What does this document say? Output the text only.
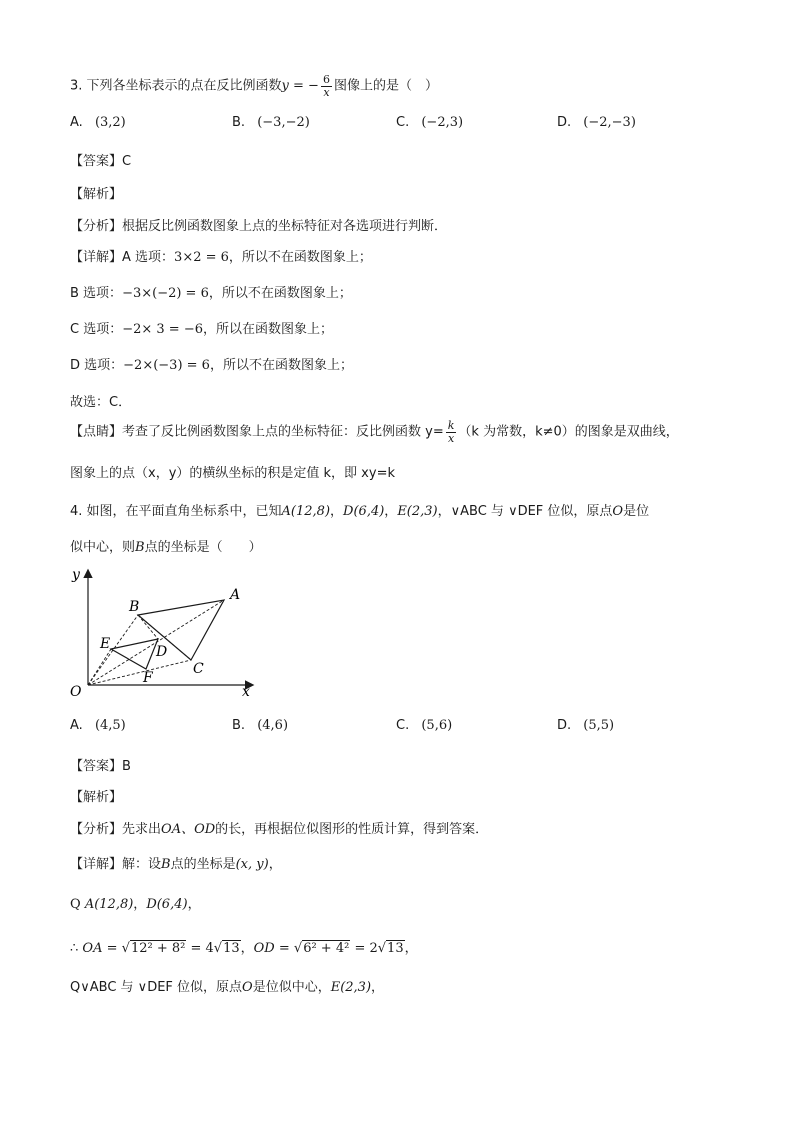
3. 下列各坐标表示的点在反比例函数y = − $\frac{6}{x}$ 图像上的是（　）
A. (3,2)	B. (−3,−2)	C. (−2,3)	D. (−2,−3)
【答案】C
【解析】
【分析】根据反比例函数图象上点的坐标特征对各选项进行判断．
【详解】A 选项：3×2 = 6，所以不在函数图象上；
B 选项：−3×(−2) = 6，所以不在函数图象上；
C 选项：−2× 3 = −6，所以在函数图象上；
D 选项：−2×(−3) = 6，所以不在函数图象上；
故选：C．
【点睛】考查了反比例函数图象上点的坐标特征：反比例函数 $y= \frac{k}{x} (k$ 为常数，k≠0）的图象是双曲线，
图象上的点（x，y）的横纵坐标的积是定值 k，即 xy=k
4. 如图，在平面直角坐标系中，已知A(12,8)，D(6,4)，E(2,3)，∨ABC 与 ∨DEF 位似，原点O是位
似中心，则B点的坐标是（　　）
y
x
O
A
B
C
D
E
F
A. (4,5)	B. (4,6)	C. (5,6)	D. (5,5)
【答案】B
【解析】
【分析】先求出OA、OD的长，再根据位似图形的性质计算，得到答案．
【详解】解：设B点的坐标是(x, y)，
Q A(12,8)，D(6,4)，
∴ OA = √12² + 8² = 4√13，OD = √6² + 4² = 2√13，
Q∨ABC 与 ∨DEF 位似，原点O是位似中心，E(2,3)，
